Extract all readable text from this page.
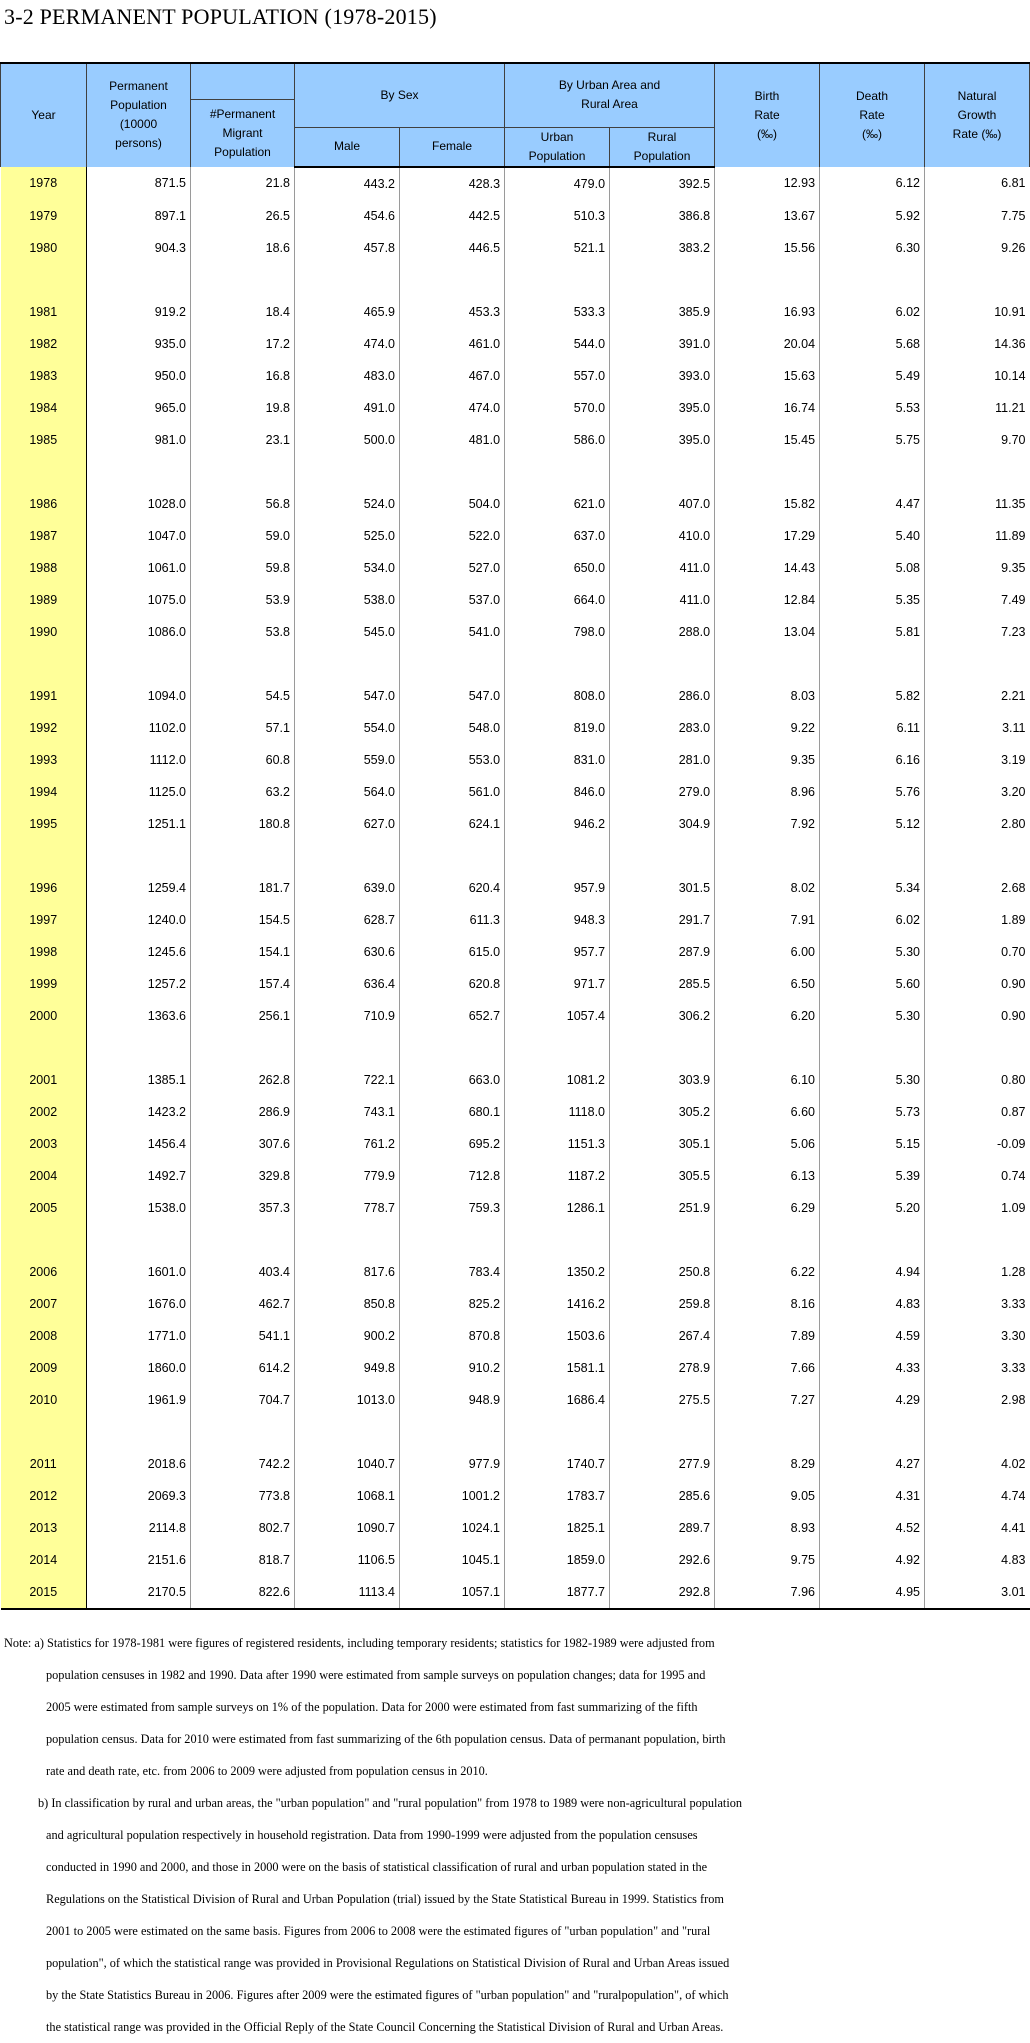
3-2 PERMANENT POPULATION (1978-2015)
Year	Permanent
Population
(10000
persons)		By Sex		By Urban Area and
Rural Area		Birth
Rate
(‰)	Death
Rate
(‰)	Natural
Growth
Rate (‰)
		#Permanent
Migrant
Population							
			Male	Female	Urban
Population	Rural
Population			
1978	871.5	21.8	443.2	428.3	479.0	392.5	12.93	6.12	6.81
1979	897.1	26.5	454.6	442.5	510.3	386.8	13.67	5.92	7.75
1980	904.3	18.6	457.8	446.5	521.1	383.2	15.56	6.30	9.26

1981	919.2	18.4	465.9	453.3	533.3	385.9	16.93	6.02	10.91
1982	935.0	17.2	474.0	461.0	544.0	391.0	20.04	5.68	14.36
1983	950.0	16.8	483.0	467.0	557.0	393.0	15.63	5.49	10.14
1984	965.0	19.8	491.0	474.0	570.0	395.0	16.74	5.53	11.21
1985	981.0	23.1	500.0	481.0	586.0	395.0	15.45	5.75	9.70

1986	1028.0	56.8	524.0	504.0	621.0	407.0	15.82	4.47	11.35
1987	1047.0	59.0	525.0	522.0	637.0	410.0	17.29	5.40	11.89
1988	1061.0	59.8	534.0	527.0	650.0	411.0	14.43	5.08	9.35
1989	1075.0	53.9	538.0	537.0	664.0	411.0	12.84	5.35	7.49
1990	1086.0	53.8	545.0	541.0	798.0	288.0	13.04	5.81	7.23

1991	1094.0	54.5	547.0	547.0	808.0	286.0	8.03	5.82	2.21
1992	1102.0	57.1	554.0	548.0	819.0	283.0	9.22	6.11	3.11
1993	1112.0	60.8	559.0	553.0	831.0	281.0	9.35	6.16	3.19
1994	1125.0	63.2	564.0	561.0	846.0	279.0	8.96	5.76	3.20
1995	1251.1	180.8	627.0	624.1	946.2	304.9	7.92	5.12	2.80

1996	1259.4	181.7	639.0	620.4	957.9	301.5	8.02	5.34	2.68
1997	1240.0	154.5	628.7	611.3	948.3	291.7	7.91	6.02	1.89
1998	1245.6	154.1	630.6	615.0	957.7	287.9	6.00	5.30	0.70
1999	1257.2	157.4	636.4	620.8	971.7	285.5	6.50	5.60	0.90
2000	1363.6	256.1	710.9	652.7	1057.4	306.2	6.20	5.30	0.90

2001	1385.1	262.8	722.1	663.0	1081.2	303.9	6.10	5.30	0.80
2002	1423.2	286.9	743.1	680.1	1118.0	305.2	6.60	5.73	0.87
2003	1456.4	307.6	761.2	695.2	1151.3	305.1	5.06	5.15	-0.09
2004	1492.7	329.8	779.9	712.8	1187.2	305.5	6.13	5.39	0.74
2005	1538.0	357.3	778.7	759.3	1286.1	251.9	6.29	5.20	1.09

2006	1601.0	403.4	817.6	783.4	1350.2	250.8	6.22	4.94	1.28
2007	1676.0	462.7	850.8	825.2	1416.2	259.8	8.16	4.83	3.33
2008	1771.0	541.1	900.2	870.8	1503.6	267.4	7.89	4.59	3.30
2009	1860.0	614.2	949.8	910.2	1581.1	278.9	7.66	4.33	3.33
2010	1961.9	704.7	1013.0	948.9	1686.4	275.5	7.27	4.29	2.98

2011	2018.6	742.2	1040.7	977.9	1740.7	277.9	8.29	4.27	4.02
2012	2069.3	773.8	1068.1	1001.2	1783.7	285.6	9.05	4.31	4.74
2013	2114.8	802.7	1090.7	1024.1	1825.1	289.7	8.93	4.52	4.41
2014	2151.6	818.7	1106.5	1045.1	1859.0	292.6	9.75	4.92	4.83
2015	2170.5	822.6	1113.4	1057.1	1877.7	292.8	7.96	4.95	3.01
Note: a) Statistics for 1978-1981 were figures of registered residents, including temporary residents; statistics for 1982-1989 were adjusted from
population censuses in 1982 and 1990. Data after 1990 were estimated from sample surveys on population changes; data for 1995 and
2005 were estimated from sample surveys on 1% of the population. Data for 2000 were estimated from fast summarizing of the fifth
population census. Data for 2010 were estimated from fast summarizing of the 6th population census. Data of permanant population, birth
rate and death rate, etc. from 2006 to 2009 were adjusted from population census in 2010.
b) In classification by rural and urban areas, the "urban population" and "rural population" from 1978 to 1989 were non-agricultural population
and agricultural population respectively in household registration. Data from 1990-1999 were adjusted from the population censuses
conducted in 1990 and 2000, and those in 2000 were on the basis of statistical classification of rural and urban population stated in the
Regulations on the Statistical Division of Rural and Urban Population (trial) issued by the State Statistical Bureau in 1999. Statistics from
2001 to 2005 were estimated on the same basis. Figures from 2006 to 2008 were the estimated figures of "urban population" and "rural
population", of which the statistical range was provided in Provisional Regulations on Statistical Division of Rural and Urban Areas issued
by the State Statistics Bureau in 2006. Figures after 2009 were the estimated figures of "urban population" and "ruralpopulation", of which
the statistical range was provided in the Official Reply of the State Council Concerning the Statistical Division of Rural and Urban Areas.
